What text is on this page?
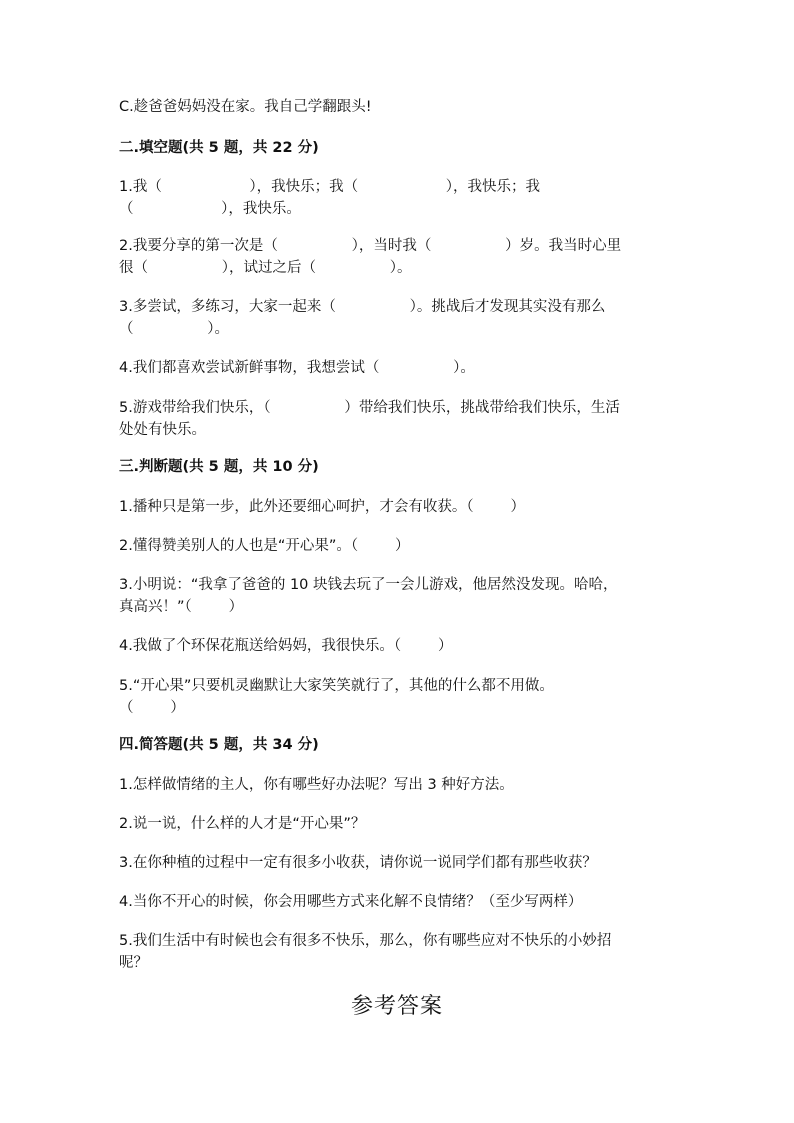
C.趁爸爸妈妈没在家。我自己学翻跟头!
二.填空题(共 5 题，共 22 分)
1.我（                   ），我快乐；我（                   ），我快乐；我
（                   ），我快乐。
2.我要分享的第一次是（                ），当时我（                ）岁。我当时心里
很（                ），试过之后（                ）。
3.多尝试，多练习，大家一起来（                ）。挑战后才发现其实没有那么
（                ）。
4.我们都喜欢尝试新鲜事物，我想尝试（                ）。
5.游戏带给我们快乐，（                ）带给我们快乐，挑战带给我们快乐，生活
处处有快乐。
三.判断题(共 5 题，共 10 分)
1.播种只是第一步，此外还要细心呵护，才会有收获。（        ）
2.懂得赞美别人的人也是“开心果”。（        ）
3.小明说：“我拿了爸爸的 10 块钱去玩了一会儿游戏，他居然没发现。哈哈，
真高兴！”（        ）
4.我做了个环保花瓶送给妈妈，我很快乐。（        ）
5.“开心果”只要机灵幽默让大家笑笑就行了，其他的什么都不用做。
（        ）
四.简答题(共 5 题，共 34 分)
1.怎样做情绪的主人，你有哪些好办法呢？写出 3 种好方法。
2.说一说，什么样的人才是“开心果”？
3.在你种植的过程中一定有很多小收获，请你说一说同学们都有那些收获？
4.当你不开心的时候，你会用哪些方式来化解不良情绪？（至少写两样）
5.我们生活中有时候也会有很多不快乐，那么，你有哪些应对不快乐的小妙招
呢？
参考答案
